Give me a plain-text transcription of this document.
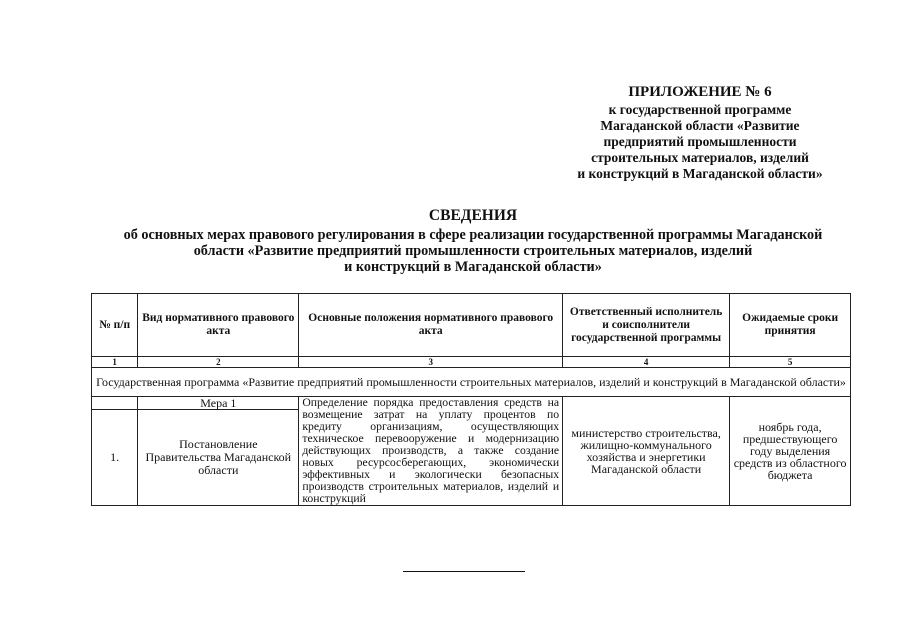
ПРИЛОЖЕНИЕ № 6
к государственной программе
Магаданской области «Развитие
предприятий промышленности
строительных материалов, изделий
и конструкций в Магаданской области»
СВЕДЕНИЯ
об основных мерах правового регулирования в сфере реализации государственной программы Магаданской
области «Развитие предприятий промышленности строительных материалов, изделий
и конструкций в Магаданской области»
№ п/п	Вид нормативного правового акта	Основные положения нормативного правового акта	Ответственный исполнитель и соисполнители государственной программы	Ожидаемые сроки принятия
1	2	3	4	5
Государственная программа «Развитие предприятий промышленности строительных материалов, изделий и конструкций в Магаданской области»				
	Мера 1	Определение порядка предоставления средств на возмещение затрат на уплату процентов по кредиту организациям, осуществляющих техническое перевооружение и модернизацию действующих производств, а также создание новых ресурсосберегающих, экономически эффективных и экологически безопасных производств строительных материалов, изделий и конструкций	министерство строительства, жилищно-коммунального хозяйства и энергетики Магаданской области	ноябрь года, предшествующего году выделения средств из областного бюджета
1.	Постановление Правительства Магаданской области			
